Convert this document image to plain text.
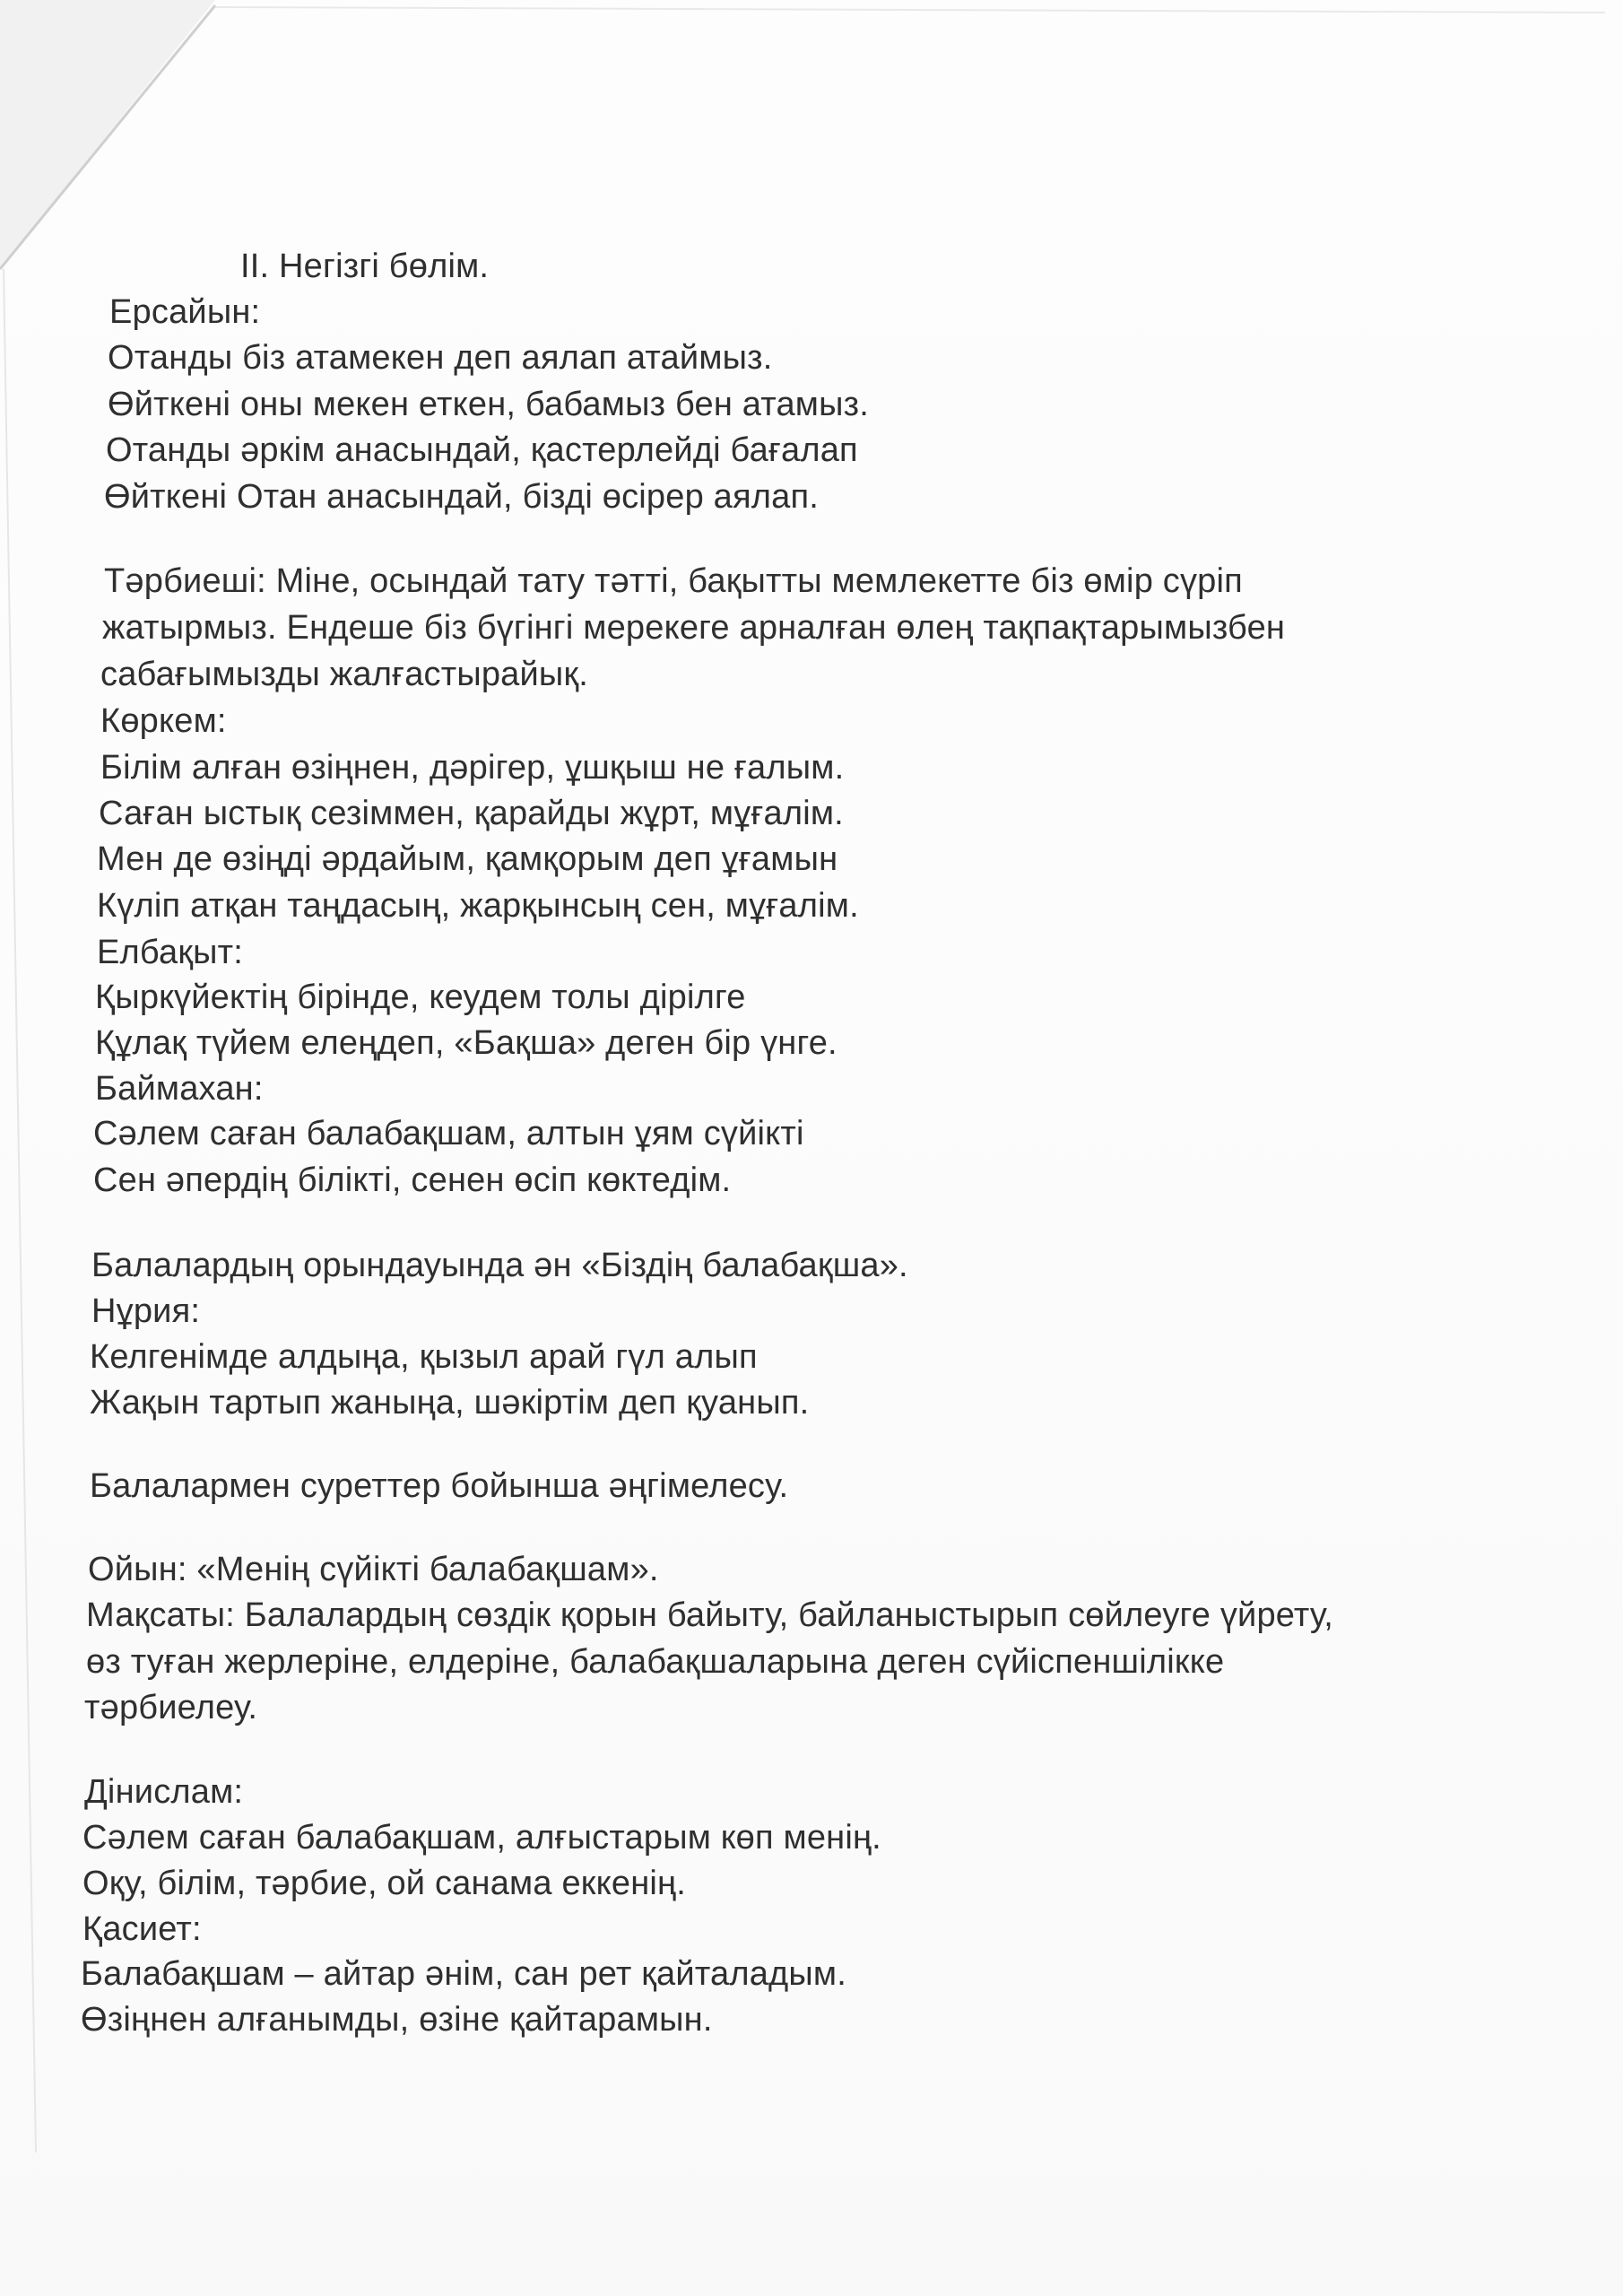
ІІ. Негізгі бөлім.
Ерсайын:
Отанды біз атамекен деп аялап атаймыз.
Өйткені оны мекен еткен, бабамыз бен атамыз.
Отанды әркім анасындай, қастерлейді бағалап
Өйткені Отан анасындай, бізді өсірер аялап.
Тәрбиеші: Міне, осындай тату тәтті, бақытты мемлекетте біз өмір сүріп
жатырмыз. Ендеше біз бүгінгі мерекеге арналған өлең тақпақтарымызбен
сабағымызды жалғастырайық.
Көркем:
Білім алған өзіңнен, дәрігер, ұшқыш не ғалым.
Саған ыстық сезіммен, қарайды жұрт, мұғалім.
Мен де өзіңді әрдайым, қамқорым деп ұғамын
Күліп атқан таңдасың, жарқынсың сен, мұғалім.
Елбақыт:
Қыркүйектің бірінде, кеудем толы дірілге
Құлақ түйем елеңдеп, «Бақша» деген бір үнге.
Баймахан:
Сәлем саған балабақшам, алтын ұям сүйікті
Сен әпердің білікті, сенен өсіп көктедім.
Балалардың орындауында ән «Біздің балабақша».
Нұрия:
Келгенімде алдыңа, қызыл арай гүл алып
Жақын тартып жаныңа, шәкіртім деп қуанып.
Балалармен суреттер бойынша әңгімелесу.
Ойын: «Менің сүйікті балабақшам».
Мақсаты: Балалардың сөздік қорын байыту, байланыстырып сөйлеуге үйрету,
өз туған жерлеріне, елдеріне, балабақшаларына деген сүйіспеншілікке
тәрбиелеу.
Дінислам:
Сәлем саған балабақшам, алғыстарым көп менің.
Оқу, білім, тәрбие, ой санама еккенің.
Қасиет:
Балабақшам – айтар әнім, сан рет қайталадым.
Өзіңнен алғанымды, өзіне қайтарамын.
